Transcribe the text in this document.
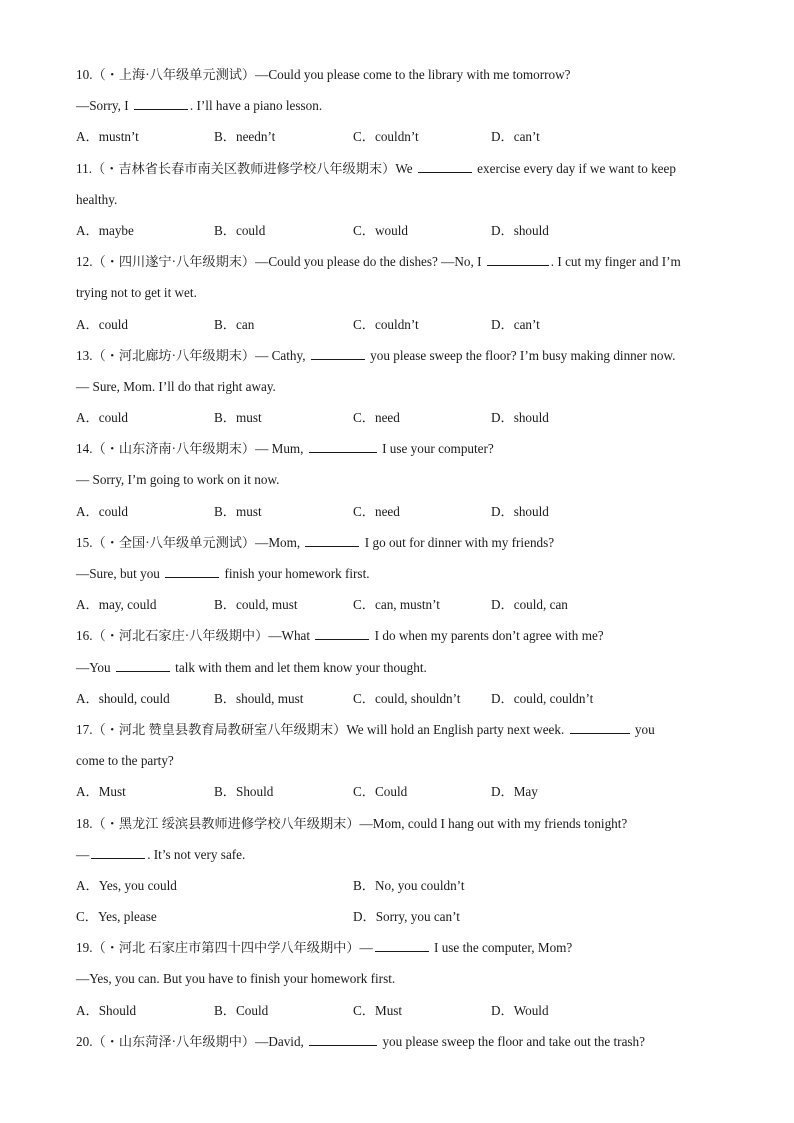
10.（・上海·八年级单元测试）—Could you please come to the library with me tomorrow?
—Sorry, I	. I’ll have a piano lesson.
A．mustn’t	B．needn’t	C．couldn’t	D．can’t
11.（・吉林省长春市南关区教师进修学校八年级期末）We	exercise every day if we want to keep
healthy.
A．maybe	B．could	C．would	D．should
12.（・四川遂宁·八年级期末）—Could you please do the dishes? —No, I	. I cut my finger and I’m
trying not to get it wet.
A．could	B．can	C．couldn’t	D．can’t
13.（・河北廊坊·八年级期末）— Cathy,	you please sweep the floor? I’m busy making dinner now.
— Sure, Mom. I’ll do that right away.
A．could	B．must	C．need	D．should
14.（・山东济南·八年级期末）— Mum,	I use your computer?
— Sorry, I’m going to work on it now.
A．could	B．must	C．need	D．should
15.（・全国·八年级单元测试）—Mom,	I go out for dinner with my friends?
—Sure, but you	finish your homework first.
A．may, could	B．could, must	C．can, mustn’t	D．could, can
16.（・河北石家庄·八年级期中）—What	I do when my parents don’t agree with me?
—You	talk with them and let them know your thought.
A．should, could	B．should, must	C．could, shouldn’t D．could, couldn’t
17.（・河北 赞皇县教育局教研室八年级期末）We will hold an English party next week.	you
come to the party?
A．Must	B．Should	C．Could	D．May
18.（・黑龙江 绥滨县教师进修学校八年级期末）—Mom, could I hang out with my friends tonight?
—	. It’s not very safe.
A．Yes, you could	B．No, you couldn’t
C．Yes, please	D．Sorry, you can’t
19.（・河北 石家庄市第四十四中学八年级期中）—	I use the computer, Mom?
—Yes, you can. But you have to finish your homework first.
A．Should	B．Could	C．Must	D．Would
20.（・山东菏泽·八年级期中）—David,	you please sweep the floor and take out the trash?
